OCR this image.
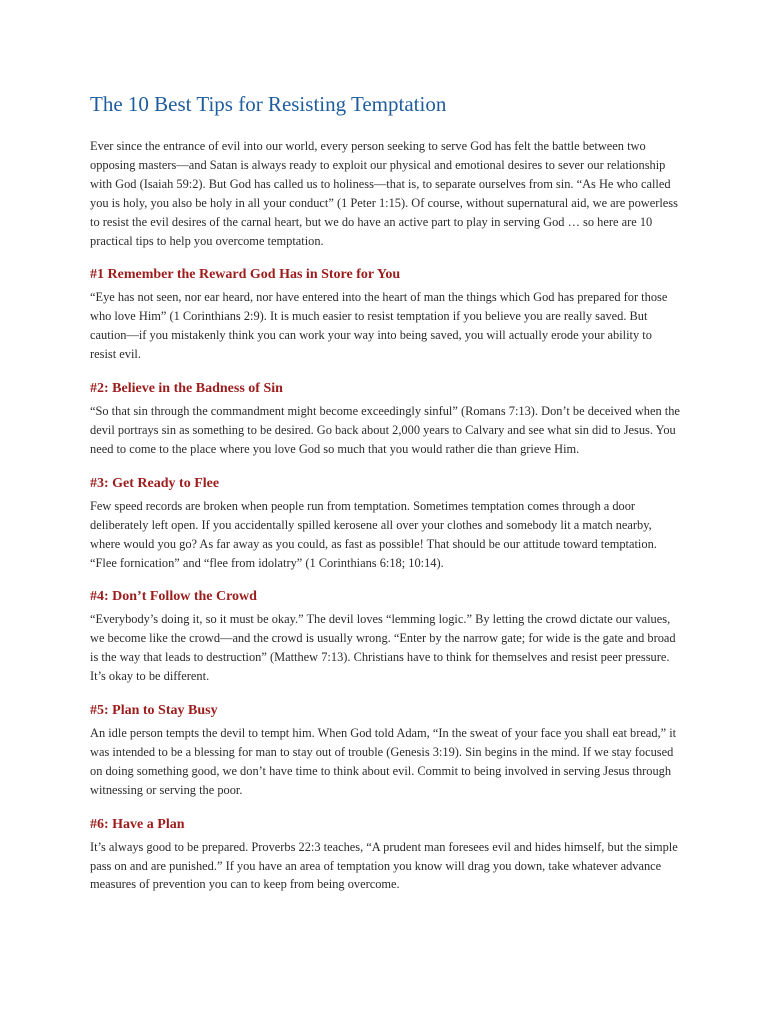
The 10 Best Tips for Resisting Temptation

Ever since the entrance of evil into our world, every person seeking to serve God has felt the battle between two opposing masters—and Satan is always ready to exploit our physical and emotional desires to sever our relationship with God (Isaiah 59:2). But God has called us to holiness—that is, to separate ourselves from sin. “As He who called you is holy, you also be holy in all your conduct” (1 Peter 1:15). Of course, without supernatural aid, we are powerless to resist the evil desires of the carnal heart, but we do have an active part to play in serving God … so here are 10 practical tips to help you overcome temptation.

#1 Remember the Reward God Has in Store for You

“Eye has not seen, nor ear heard, nor have entered into the heart of man the things which God has prepared for those who love Him” (1 Corinthians 2:9). It is much easier to resist temptation if you believe you are really saved. But caution—if you mistakenly think you can work your way into being saved, you will actually erode your ability to resist evil.

#2: Believe in the Badness of Sin

“So that sin through the commandment might become exceedingly sinful” (Romans 7:13). Don’t be deceived when the devil portrays sin as something to be desired. Go back about 2,000 years to Calvary and see what sin did to Jesus. You need to come to the place where you love God so much that you would rather die than grieve Him.

#3: Get Ready to Flee

Few speed records are broken when people run from temptation. Sometimes temptation comes through a door deliberately left open. If you accidentally spilled kerosene all over your clothes and somebody lit a match nearby, where would you go? As far away as you could, as fast as possible! That should be our attitude toward temptation. “Flee fornication” and “flee from idolatry” (1 Corinthians 6:18; 10:14).

#4: Don’t Follow the Crowd

“Everybody’s doing it, so it must be okay.” The devil loves “lemming logic.” By letting the crowd dictate our values, we become like the crowd—and the crowd is usually wrong. “Enter by the narrow gate; for wide is the gate and broad is the way that leads to destruction” (Matthew 7:13). Christians have to think for themselves and resist peer pressure. It’s okay to be different.

#5: Plan to Stay Busy

An idle person tempts the devil to tempt him. When God told Adam, “In the sweat of your face you shall eat bread,” it was intended to be a blessing for man to stay out of trouble (Genesis 3:19). Sin begins in the mind. If we stay focused on doing something good, we don’t have time to think about evil. Commit to being involved in serving Jesus through witnessing or serving the poor.

#6: Have a Plan

It’s always good to be prepared. Proverbs 22:3 teaches, “A prudent man foresees evil and hides himself, but the simple pass on and are punished.” If you have an area of temptation you know will drag you down, take whatever advance measures of prevention you can to keep from being overcome.
